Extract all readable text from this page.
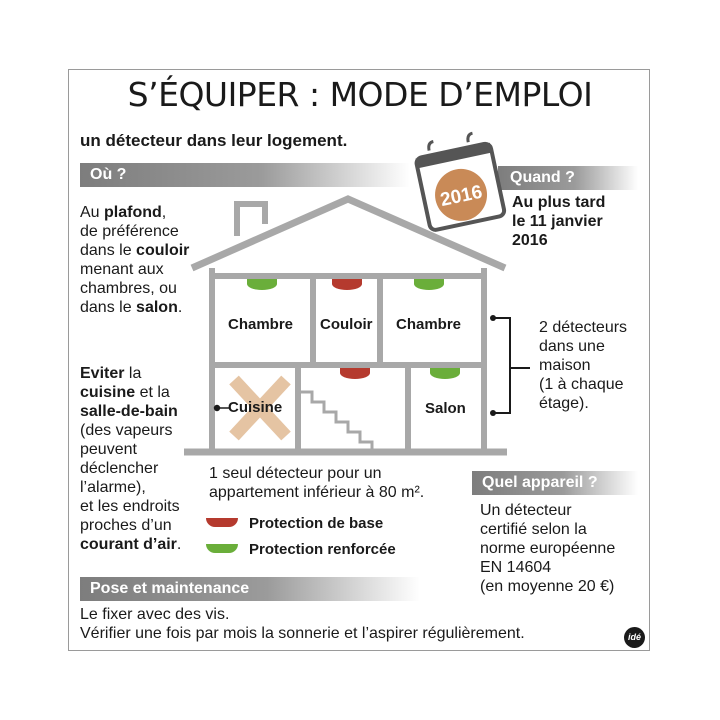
S’ÉQUIPER : MODE D’EMPLOI
un détecteur dans leur logement.
Où ?
Au plafond,
de préférence
dans le couloir
menant aux
chambres, ou
dans le salon.
Quand ?
Au plus tard
le 11 janvier
2016
2016
Chambre Couloir Chambre
Cuisine	Salon
Eviter la
cuisine et la
salle-de-bain
(des vapeurs
peuvent
déclencher
l’alarme),
et les endroits
proches d’un
courant d’air.
2 détecteurs
dans une
maison
(1 à chaque
étage).
1 seul détecteur pour un
appartement inférieur à 80 m².
Protection de base
Protection renforcée
Quel appareil ?
Un détecteur
certifié selon la
norme européenne
EN 14604
(en moyenne 20 €)
Pose et maintenance
Le fixer avec des vis.
Vérifier une fois par mois la sonnerie et l’aspirer régulièrement.	idé
